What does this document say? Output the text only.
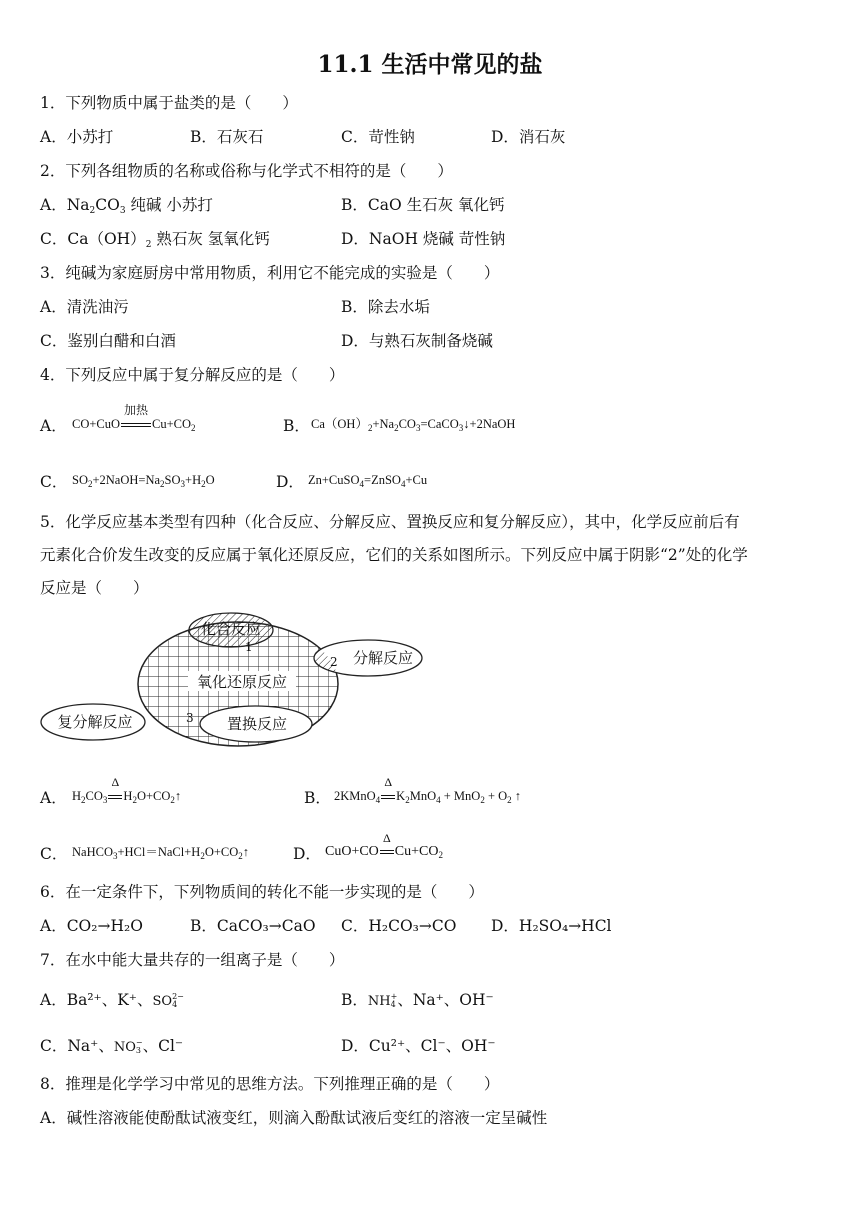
11.1 生活中常见的盐
1．下列物质中属于盐类的是（　　）
A．小苏打	B．石灰石	C．苛性钠	D．消石灰
2．下列各组物质的名称或俗称与化学式不相符的是（　　）
A．$Na_2CO_3$ 纯碱 小苏打	B．CaO 生石灰 氧化钙
C．$Ca(OH)_2$ 熟石灰 氢氧化钙	D．NaOH 烧碱 苛性钠
3．纯碱为家庭厨房中常用物质，利用它不能完成的实验是（　　）
A．清洗油污	B．除去水垢
C．鉴别白醋和白酒	D．与熟石灰制备烧碱
4．下列反应中属于复分解反应的是（　　）
A． CO+CuO
加热
$Cu+CO_2$	B． $Ca(OH)_2+Na_2CO_3=CaCO_3↓+2NaOH$
C． $SO_2+2NaOH=Na_2SO_3+H_2O$	D． Zn+CuSO$_4$=ZnSO$_4$+Cu
5．化学反应基本类型有四种（化合反应、分解反应、置换反应和复分解反应），其中，化学反应前后有
元素化合价发生改变的反应属于氧化还原反应，它们的关系如图所示。下列反应中属于阴影“2”处的化学
反应是（　　）
化合反应
分解反应
氧化还原反应
复分解反应	置换反应
1
2
3
A． $H_2CO_3$
Δ
$H_2O+CO_2↑$	B． 2KMnO$_4$
Δ
$K_2MnO_4 + MnO_2 + O_2$ ↑
C． $NaHCO_3+HCl=NaCl+H_2O+CO_2↑$	D． CuO+CO
Δ
$Cu+CO_2$
6．在一定条件下，下列物质间的转化不能一步实现的是（　　）
A．CO₂→H₂O	B．CaCO₃→CaO C．H₂CO₃→CO D．H₂SO₄→HCl
7．在水中能大量共存的一组离子是（　　）
A．Ba²⁺、K⁺、SO 2−
4	B．NH +
4 、Na⁺、OH⁻
C．Na⁺、NO −
3 、Cl⁻	D．Cu²⁺、Cl⁻、OH⁻
8．推理是化学学习中常见的思维方法。下列推理正确的是（　　）
A．碱性溶液能使酚酞试液变红，则滴入酚酞试液后变红的溶液一定呈碱性
